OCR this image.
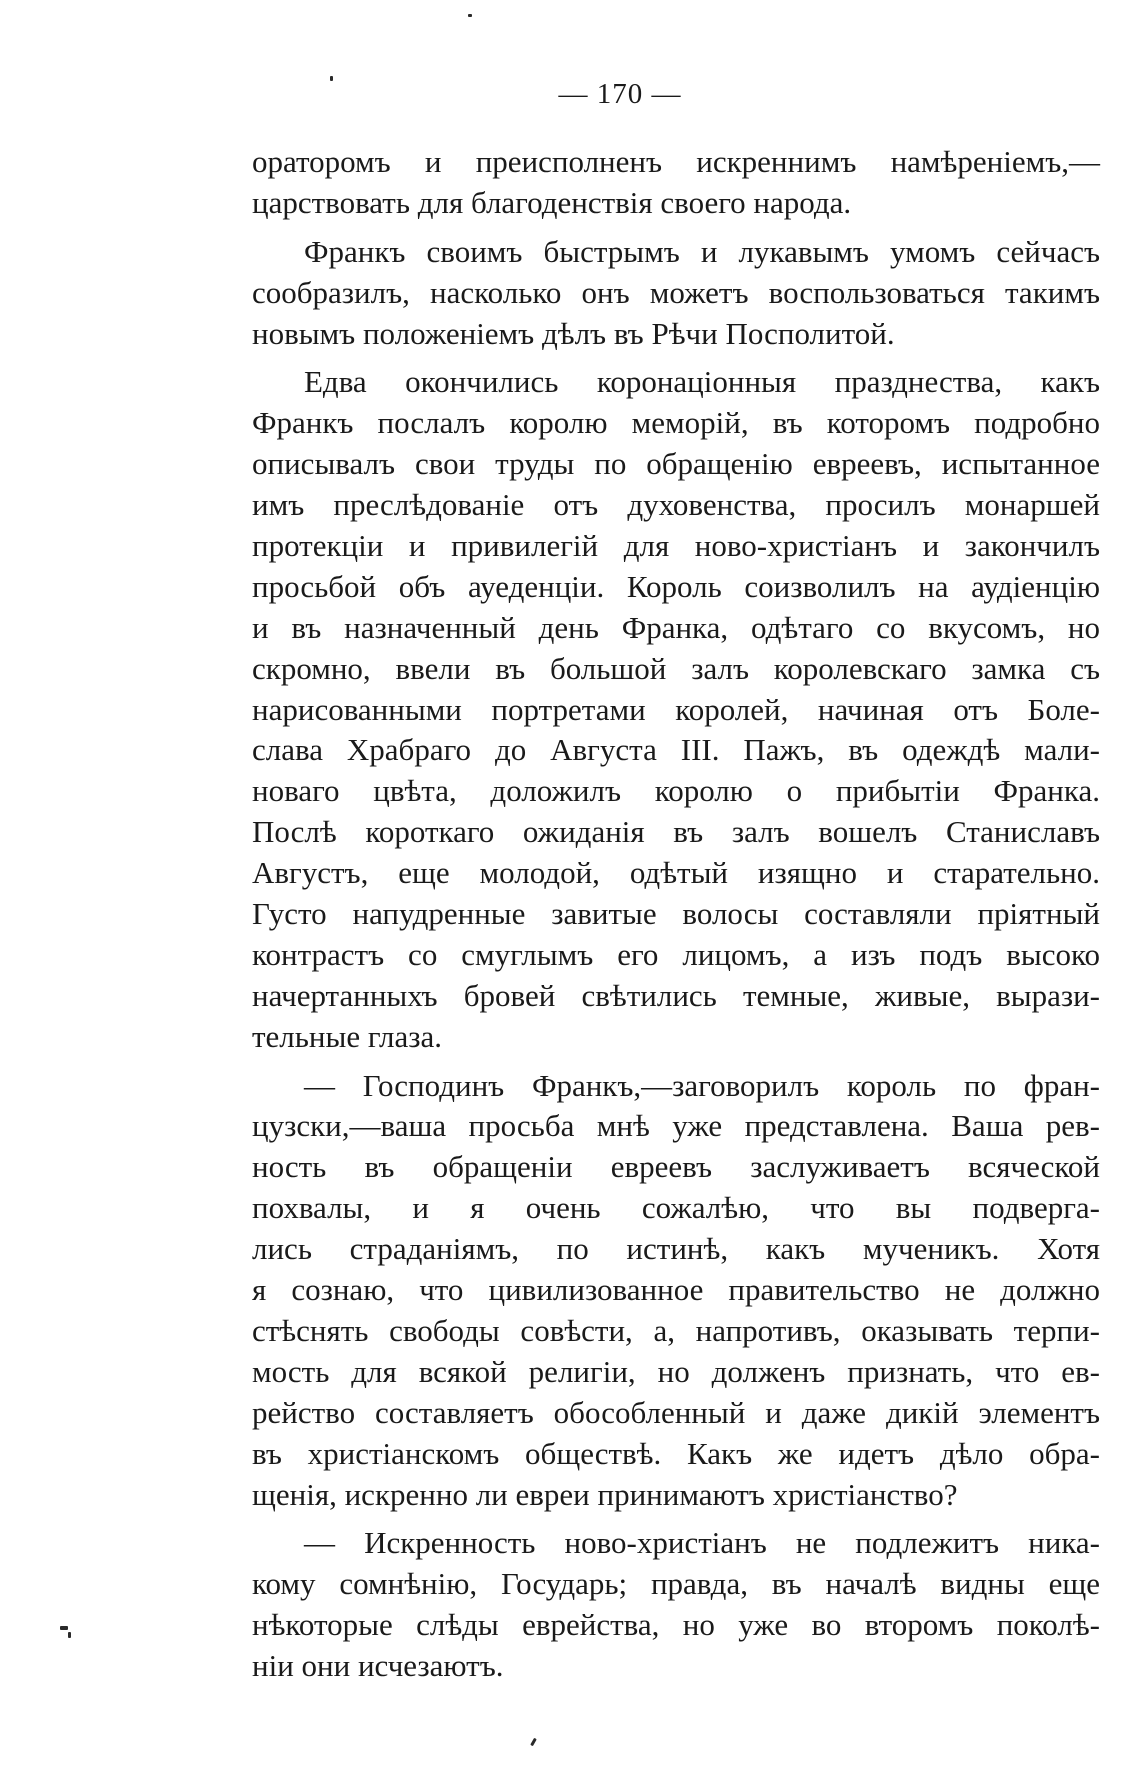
— 170 —
ораторомъ и преисполненъ искреннимъ намѣреніемъ,—
царствовать для благоденствія своего народа.
Франкъ своимъ быстрымъ и лукавымъ умомъ сейчасъ
сообразилъ, насколько онъ можетъ воспользоваться такимъ
новымъ положеніемъ дѣлъ въ Рѣчи Посполитой.
Едва окончились коронаціонныя празднества, какъ
Франкъ послалъ королю меморій, въ которомъ подробно
описывалъ свои труды по обращенію евреевъ, испытанное
имъ преслѣдованіе отъ духовенства, просилъ монаршей
протекціи и привилегій для ново-христіанъ и закончилъ
просьбой объ ауеденціи. Король соизволилъ на аудіенцію
и въ назначенный день Франка, одѣтаго со вкусомъ, но
скромно, ввели въ большой залъ королевскаго замка съ
нарисованными портретами королей, начиная отъ Боле-
слава Храбраго до Августа III. Пажъ, въ одеждѣ мали-
новаго цвѣта, доложилъ королю о прибытіи Франка.
Послѣ короткаго ожиданія въ залъ вошелъ Станиславъ
Августъ, еще молодой, одѣтый изящно и старательно.
Густо напудренные завитые волосы составляли пріятный
контрастъ со смуглымъ его лицомъ, а изъ подъ высоко
начертанныхъ бровей свѣтились темные, живые, вырази-
тельные глаза.
— Господинъ Франкъ,—заговорилъ король по фран-
цузски,—ваша просьба мнѣ уже представлена. Ваша рев-
ность въ обращеніи евреевъ заслуживаетъ всяческой
похвалы, и я очень сожалѣю, что вы подверга-
лись страданіямъ, по истинѣ, какъ мученикъ. Хотя
я сознаю, что цивилизованное правительство не должно
стѣснять свободы совѣсти, а, напротивъ, оказывать терпи-
мость для всякой религіи, но долженъ признать, что ев-
рейство составляетъ обособленный и даже дикій элементъ
въ христіанскомъ обществѣ. Какъ же идетъ дѣло обра-
щенія, искренно ли евреи принимаютъ христіанство?
— Искренность ново-христіанъ не подлежитъ ника-
кому сомнѣнію, Государь; правда, въ началѣ видны еще
нѣкоторые слѣды еврейства, но уже во второмъ поколѣ-
ніи они исчезаютъ.
